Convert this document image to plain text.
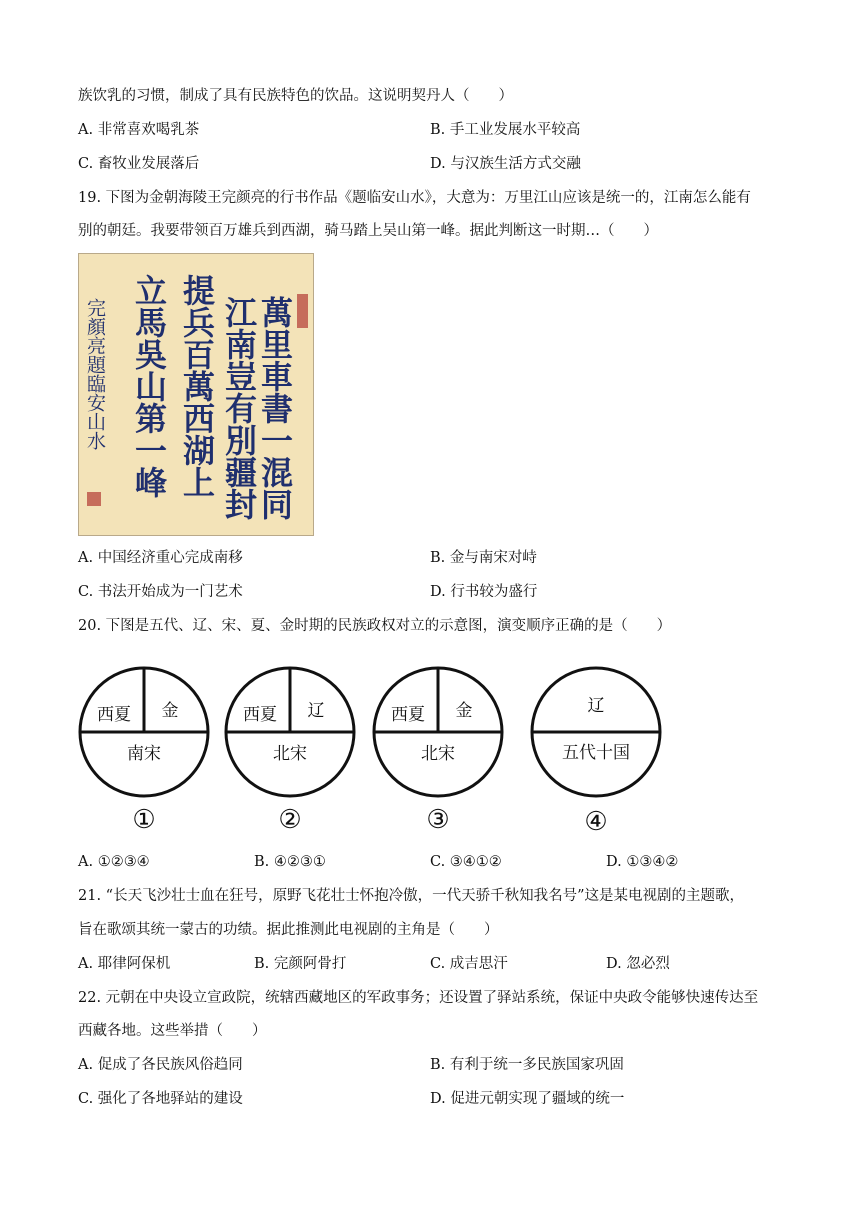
族饮乳的习惯，制成了具有民族特色的饮品。这说明契丹人（　　）
A. 非常喜欢喝乳茶	B. 手工业发展水平较高
C. 畜牧业发展落后	D. 与汉族生活方式交融
19. 下图为金朝海陵王完颜亮的行书作品《题临安山水》，大意为：万里江山应该是统一的，江南怎么能有
别的朝廷。我要带领百万雄兵到西湖，骑马踏上吴山第一峰。据此判断这一时期…（　　）
萬里車書一混同
江南豈有別疆封
提兵百萬西湖上
立馬吳山第一峰
完顏亮題臨安山水
A. 中国经济重心完成南移	B. 金与南宋对峙
C. 书法开始成为一门艺术	D. 行书较为盛行
20. 下图是五代、辽、宋、夏、金时期的民族政权对立的示意图，演变顺序正确的是（　　）
西夏 金
南宋
①
西夏 辽
北宋
②
西夏 金
北宋
③
辽
五代十国
④
A. ①②③④	B. ④②③①	C. ③④①②	D. ①③④②
21. “长天飞沙壮士血在狂号，原野飞花壮士怀抱冷傲，一代天骄千秋知我名号”这是某电视剧的主题歌，
旨在歌颂其统一蒙古的功绩。据此推测此电视剧的主角是（　　）
A. 耶律阿保机	B. 完颜阿骨打	C. 成吉思汗	D. 忽必烈
22. 元朝在中央设立宣政院，统辖西藏地区的军政事务；还设置了驿站系统，保证中央政令能够快速传达至
西藏各地。这些举措（　　）
A. 促成了各民族风俗趋同	B. 有利于统一多民族国家巩固
C. 强化了各地驿站的建设	D. 促进元朝实现了疆域的统一
